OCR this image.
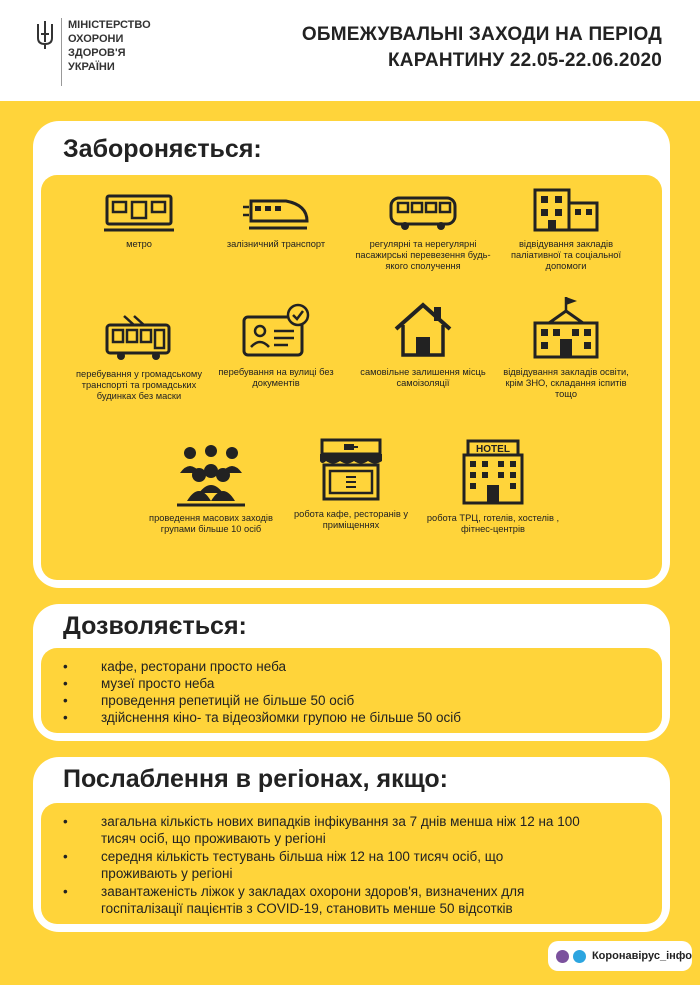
МІНІСТЕРСТВО
ОХОРОНИ
ЗДОРОВ'Я
УКРАЇНИ
ОБМЕЖУВАЛЬНІ ЗАХОДИ НА ПЕРІОД
КАРАНТИНУ 22.05-22.06.2020
Забороняється:
метро	залізничний транспорт	регулярні та нерегулярні пасажирські перевезення будь-якого сполучення
відвідування закладів паліативної та соціальної допомоги
перебування у громадському транспорті та громадських будинках без маски
перебування на вулиці без документів
самовільне залишення місць самоізоляції
відвідування закладів освіти, крім ЗНО, складання іспитів тощо
проведення масових заходів групами більше 10 осіб
робота кафе, ресторанів у приміщеннях
HOTEL
робота ТРЦ, готелів, хостелів , фітнес-центрів
Дозволяється:
• кафе, ресторани просто неба
• музеї просто неба
• проведення репетицій не більше 50 осіб
• здійснення кіно- та відеозйомки групою не більше 50 осіб
Послаблення в регіонах, якщо:
• загальна кількість нових випадків інфікування за 7 днів менша ніж 12 на 100 тисяч осіб, що проживають у регіоні
• середня кількість тестувань більша ніж 12 на 100 тисяч осіб, що проживають у регіоні
• завантаженість ліжок у закладах охорони здоров'я, визначених для госпіталізації пацієнтів з COVID-19, становить менше 50 відсотків
Коронавірус_інфо
